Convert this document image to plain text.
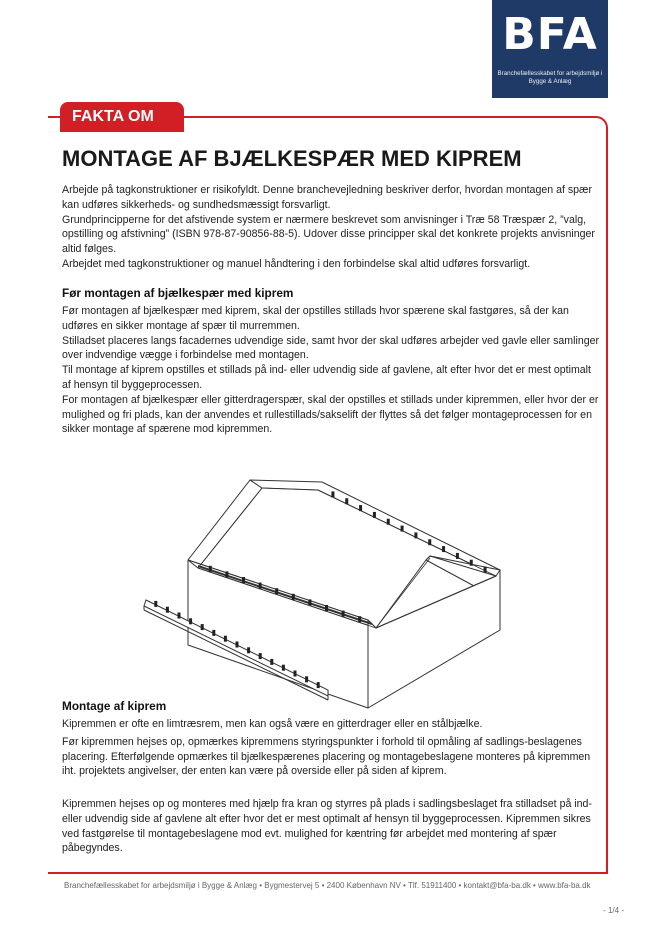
BFA
Branchefællesskabet for arbejdsmiljø i Bygge & Anlæg
FAKTA OM
MONTAGE AF BJÆLKESPÆR MED KIPREM

Arbejde på tagkonstruktioner er risikofyldt. Denne branchevejledning beskriver derfor, hvordan montagen af spær kan udføres sikkerheds- og sundhedsmæssigt forsvarligt.

Grundprincipperne for det afstivende system er nærmere beskrevet som anvisninger i Træ 58 Træspær 2, ”valg, opstilling og afstivning” (ISBN 978-87-90856-88-5). Udover disse principper skal det konkrete projekts anvisninger altid følges.

Arbejdet med tagkonstruktioner og manuel håndtering i den forbindelse skal altid udføres forsvarligt.

Før montagen af bjælkespær med kiprem

Før montagen af bjælkespær med kiprem, skal der opstilles stillads hvor spærene skal fastgøres, så der kan udføres en sikker montage af spær til murremmen.

Stilladset placeres langs facadernes udvendige side, samt hvor der skal udføres arbejder ved gavle eller samlinger over indvendige vægge i forbindelse med montagen.

Til montage af kiprem opstilles et stillads på ind- eller udvendig side af gavlene, alt efter hvor det er mest optimalt af hensyn til byggeprocessen.

For montagen af bjælkespær eller gitterdragerspær, skal der opstilles et stillads under kipremmen, eller hvor der er mulighed og fri plads, kan der anvendes et rullestillads/sakselift der flyttes så det følger montageprocessen for en sikker montage af spærene mod kipremmen.

Montage af kiprem

Kipremmen er ofte en limtræsrem, men kan også være en gitterdrager eller en stålbjælke.

Før kipremmen hejses op, opmærkes kipremmens styringspunkter i forhold til opmåling af sadlings-beslagenes placering. Efterfølgende opmærkes til bjælkespærenes placering og montagebeslagene monteres på kipremmen iht. projektets angivelser, der enten kan være på overside eller på siden af kiprem.

Kipremmen hejses op og monteres med hjælp fra kran og styrres på plads i sadlingsbeslaget fra stilladset på ind- eller udvendig side af gavlene alt efter hvor det er mest optimalt af hensyn til byggeprocessen. Kipremmen sikres ved fastgørelse til montagebeslagene mod evt. mulighed for kæntring før arbejdet med montering af spær påbegyndes.
Branchefællesskabet for arbejdsmiljø i Bygge & Anlæg • Bygmestervej 5 • 2400 København NV • Tlf. 51911400 • kontakt@bfa-ba.dk • www.bfa-ba.dk
- 1/4 -
